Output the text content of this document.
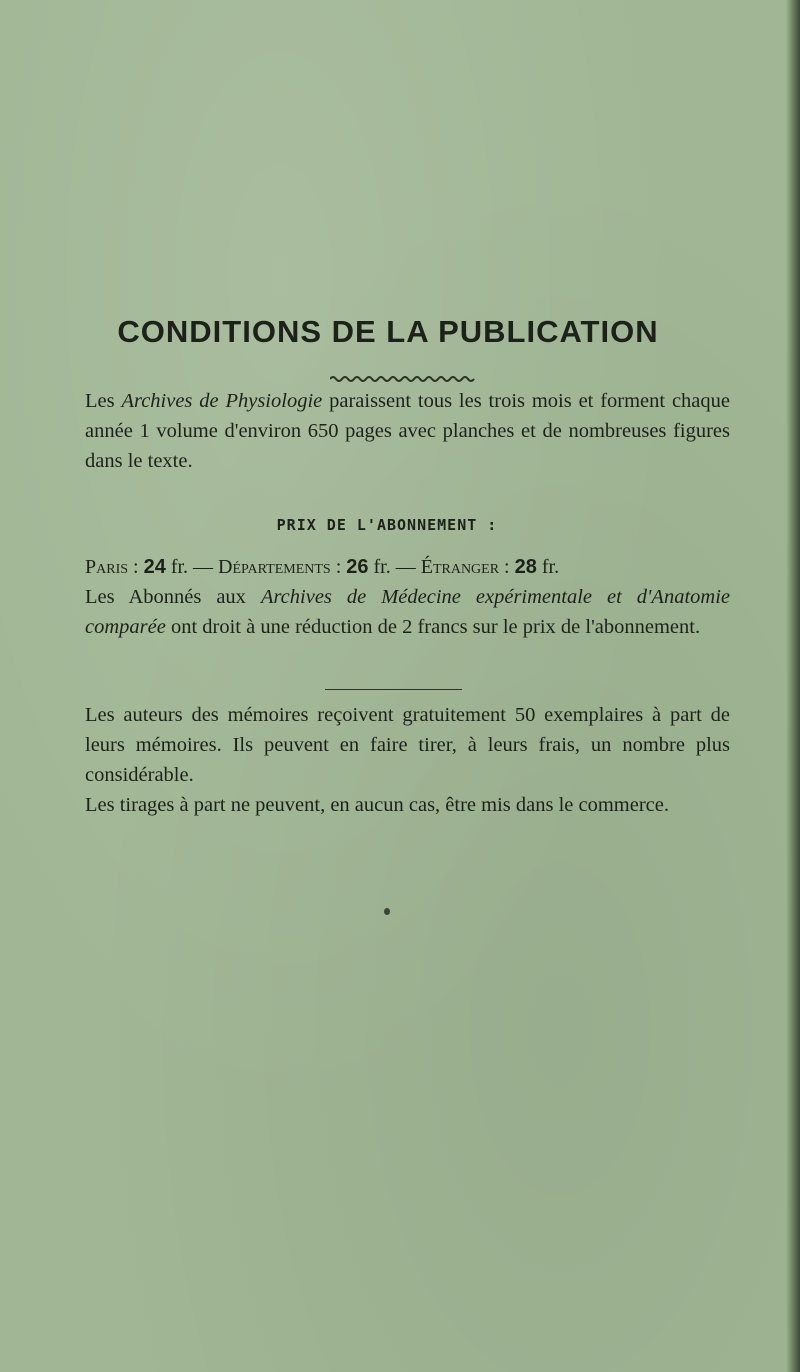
CONDITIONS DE LA PUBLICATION
Les Archives de Physiologie paraissent tous les trois mois et forment chaque année 1 volume d'environ 650 pages avec planches et de nombreuses figures dans le texte.
PRIX DE L'ABONNEMENT :
Paris : 24 fr. — Départements : 26 fr. — Étranger : 28 fr.
Les Abonnés aux Archives de Médecine expérimentale et d'Anatomie comparée ont droit à une réduction de 2 francs sur le prix de l'abonnement.
Les auteurs des mémoires reçoivent gratuitement 50 exemplaires à part de leurs mémoires. Ils peuvent en faire tirer, à leurs frais, un nombre plus considérable.
Les tirages à part ne peuvent, en aucun cas, être mis dans le commerce.
